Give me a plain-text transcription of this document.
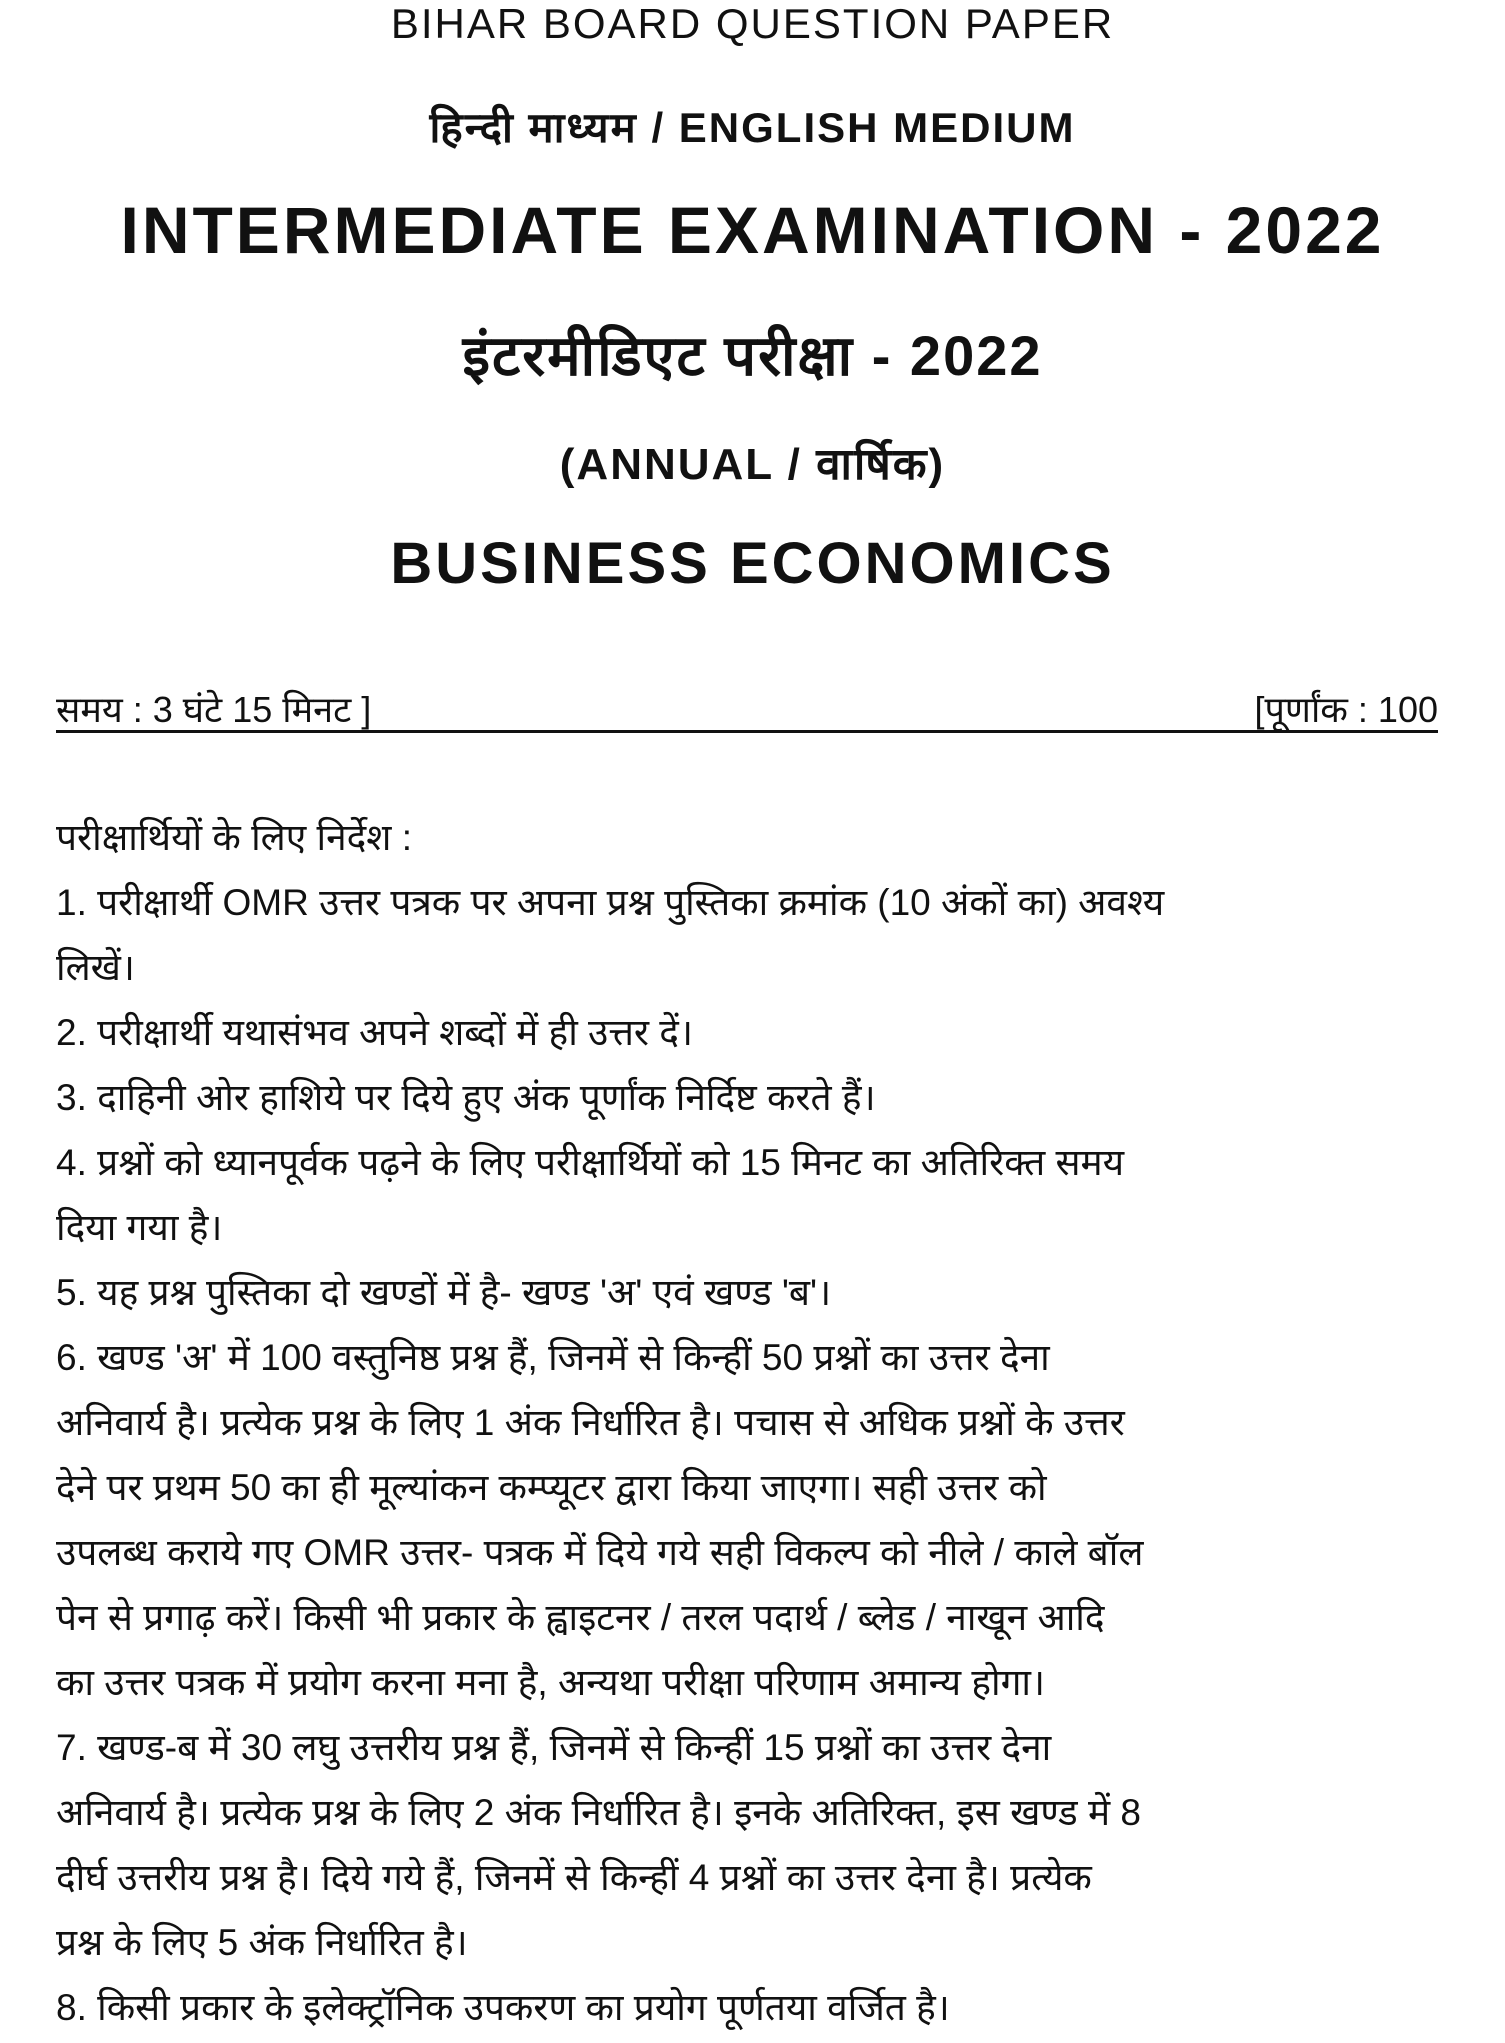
BIHAR BOARD QUESTION PAPER
हिन्दी माध्यम / ENGLISH MEDIUM
INTERMEDIATE EXAMINATION - 2022
इंटरमीडिएट परीक्षा - 2022
(ANNUAL / वार्षिक)
BUSINESS ECONOMICS
समय : 3 घंटे 15 मिनट ]	[पूर्णांक : 100
परीक्षार्थियों के लिए निर्देश :
1. परीक्षार्थी OMR उत्तर पत्रक पर अपना प्रश्न पुस्तिका क्रमांक (10 अंकों का) अवश्य
लिखें।
2. परीक्षार्थी यथासंभव अपने शब्दों में ही उत्तर दें।
3. दाहिनी ओर हाशिये पर दिये हुए अंक पूर्णांक निर्दिष्ट करते हैं।
4. प्रश्नों को ध्यानपूर्वक पढ़ने के लिए परीक्षार्थियों को 15 मिनट का अतिरिक्त समय
दिया गया है।
5. यह प्रश्न पुस्तिका दो खण्डों में है- खण्ड 'अ' एवं खण्ड 'ब'।
6. खण्ड 'अ' में 100 वस्तुनिष्ठ प्रश्न हैं, जिनमें से किन्हीं 50 प्रश्नों का उत्तर देना
अनिवार्य है। प्रत्येक प्रश्न के लिए 1 अंक निर्धारित है। पचास से अधिक प्रश्नों के उत्तर
देने पर प्रथम 50 का ही मूल्यांकन कम्प्यूटर द्वारा किया जाएगा। सही उत्तर को
उपलब्ध कराये गए OMR उत्तर- पत्रक में दिये गये सही विकल्प को नीले / काले बॉल
पेन से प्रगाढ़ करें। किसी भी प्रकार के ह्वाइटनर / तरल पदार्थ / ब्लेड / नाखून आदि
का उत्तर पत्रक में प्रयोग करना मना है, अन्यथा परीक्षा परिणाम अमान्य होगा।
7. खण्ड-ब में 30 लघु उत्तरीय प्रश्न हैं, जिनमें से किन्हीं 15 प्रश्नों का उत्तर देना
अनिवार्य है। प्रत्येक प्रश्न के लिए 2 अंक निर्धारित है। इनके अतिरिक्त, इस खण्ड में 8
दीर्घ उत्तरीय प्रश्न है। दिये गये हैं, जिनमें से किन्हीं 4 प्रश्नों का उत्तर देना है। प्रत्येक
प्रश्न के लिए 5 अंक निर्धारित है।
8. किसी प्रकार के इलेक्ट्रॉनिक उपकरण का प्रयोग पूर्णतया वर्जित है।
